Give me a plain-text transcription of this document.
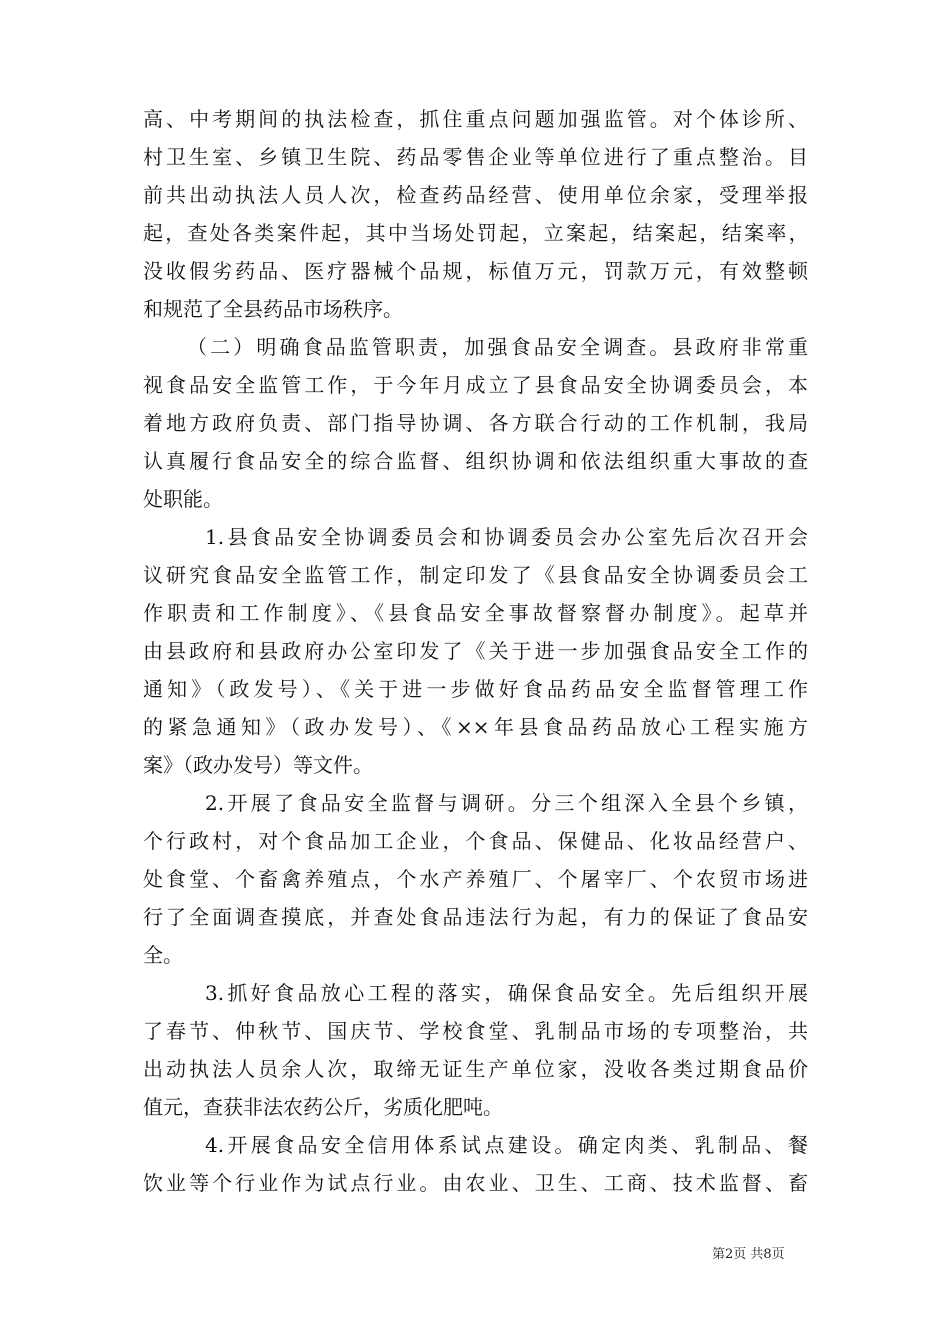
高、中考期间的执法检查，抓住重点问题加强监管。对个体诊所、
村卫生室、乡镇卫生院、药品零售企业等单位进行了重点整治。目
前共出动执法人员人次，检查药品经营、使用单位余家，受理举报
起，查处各类案件起，其中当场处罚起，立案起，结案起，结案率，
没收假劣药品、医疗器械个品规，标值万元，罚款万元，有效整顿
和规范了全县药品市场秩序。
（二）明确食品监管职责，加强食品安全调查。县政府非常重
视食品安全监管工作，于今年月成立了县食品安全协调委员会，本
着地方政府负责、部门指导协调、各方联合行动的工作机制，我局
认真履行食品安全的综合监督、组织协调和依法组织重大事故的查
处职能。
1.县食品安全协调委员会和协调委员会办公室先后次召开会
议研究食品安全监管工作，制定印发了《县食品安全协调委员会工
作职责和工作制度》、《县食品安全事故督察督办制度》。起草并
由县政府和县政府办公室印发了《关于进一步加强食品安全工作的
通知》（政发号）、《关于进一步做好食品药品安全监督管理工作
的紧急通知》（政办发号）、《××年县食品药品放心工程实施方
案》（政办发号）等文件。
2.开展了食品安全监督与调研。分三个组深入全县个乡镇，
个行政村，对个食品加工企业，个食品、保健品、化妆品经营户、
处食堂、个畜禽养殖点，个水产养殖厂、个屠宰厂、个农贸市场进
行了全面调查摸底，并查处食品违法行为起，有力的保证了食品安
全。
3.抓好食品放心工程的落实，确保食品安全。先后组织开展
了春节、仲秋节、国庆节、学校食堂、乳制品市场的专项整治，共
出动执法人员余人次，取缔无证生产单位家，没收各类过期食品价
值元，查获非法农药公斤，劣质化肥吨。
4.开展食品安全信用体系试点建设。确定肉类、乳制品、餐
饮业等个行业作为试点行业。由农业、卫生、工商、技术监督、畜
第2页 共8页
